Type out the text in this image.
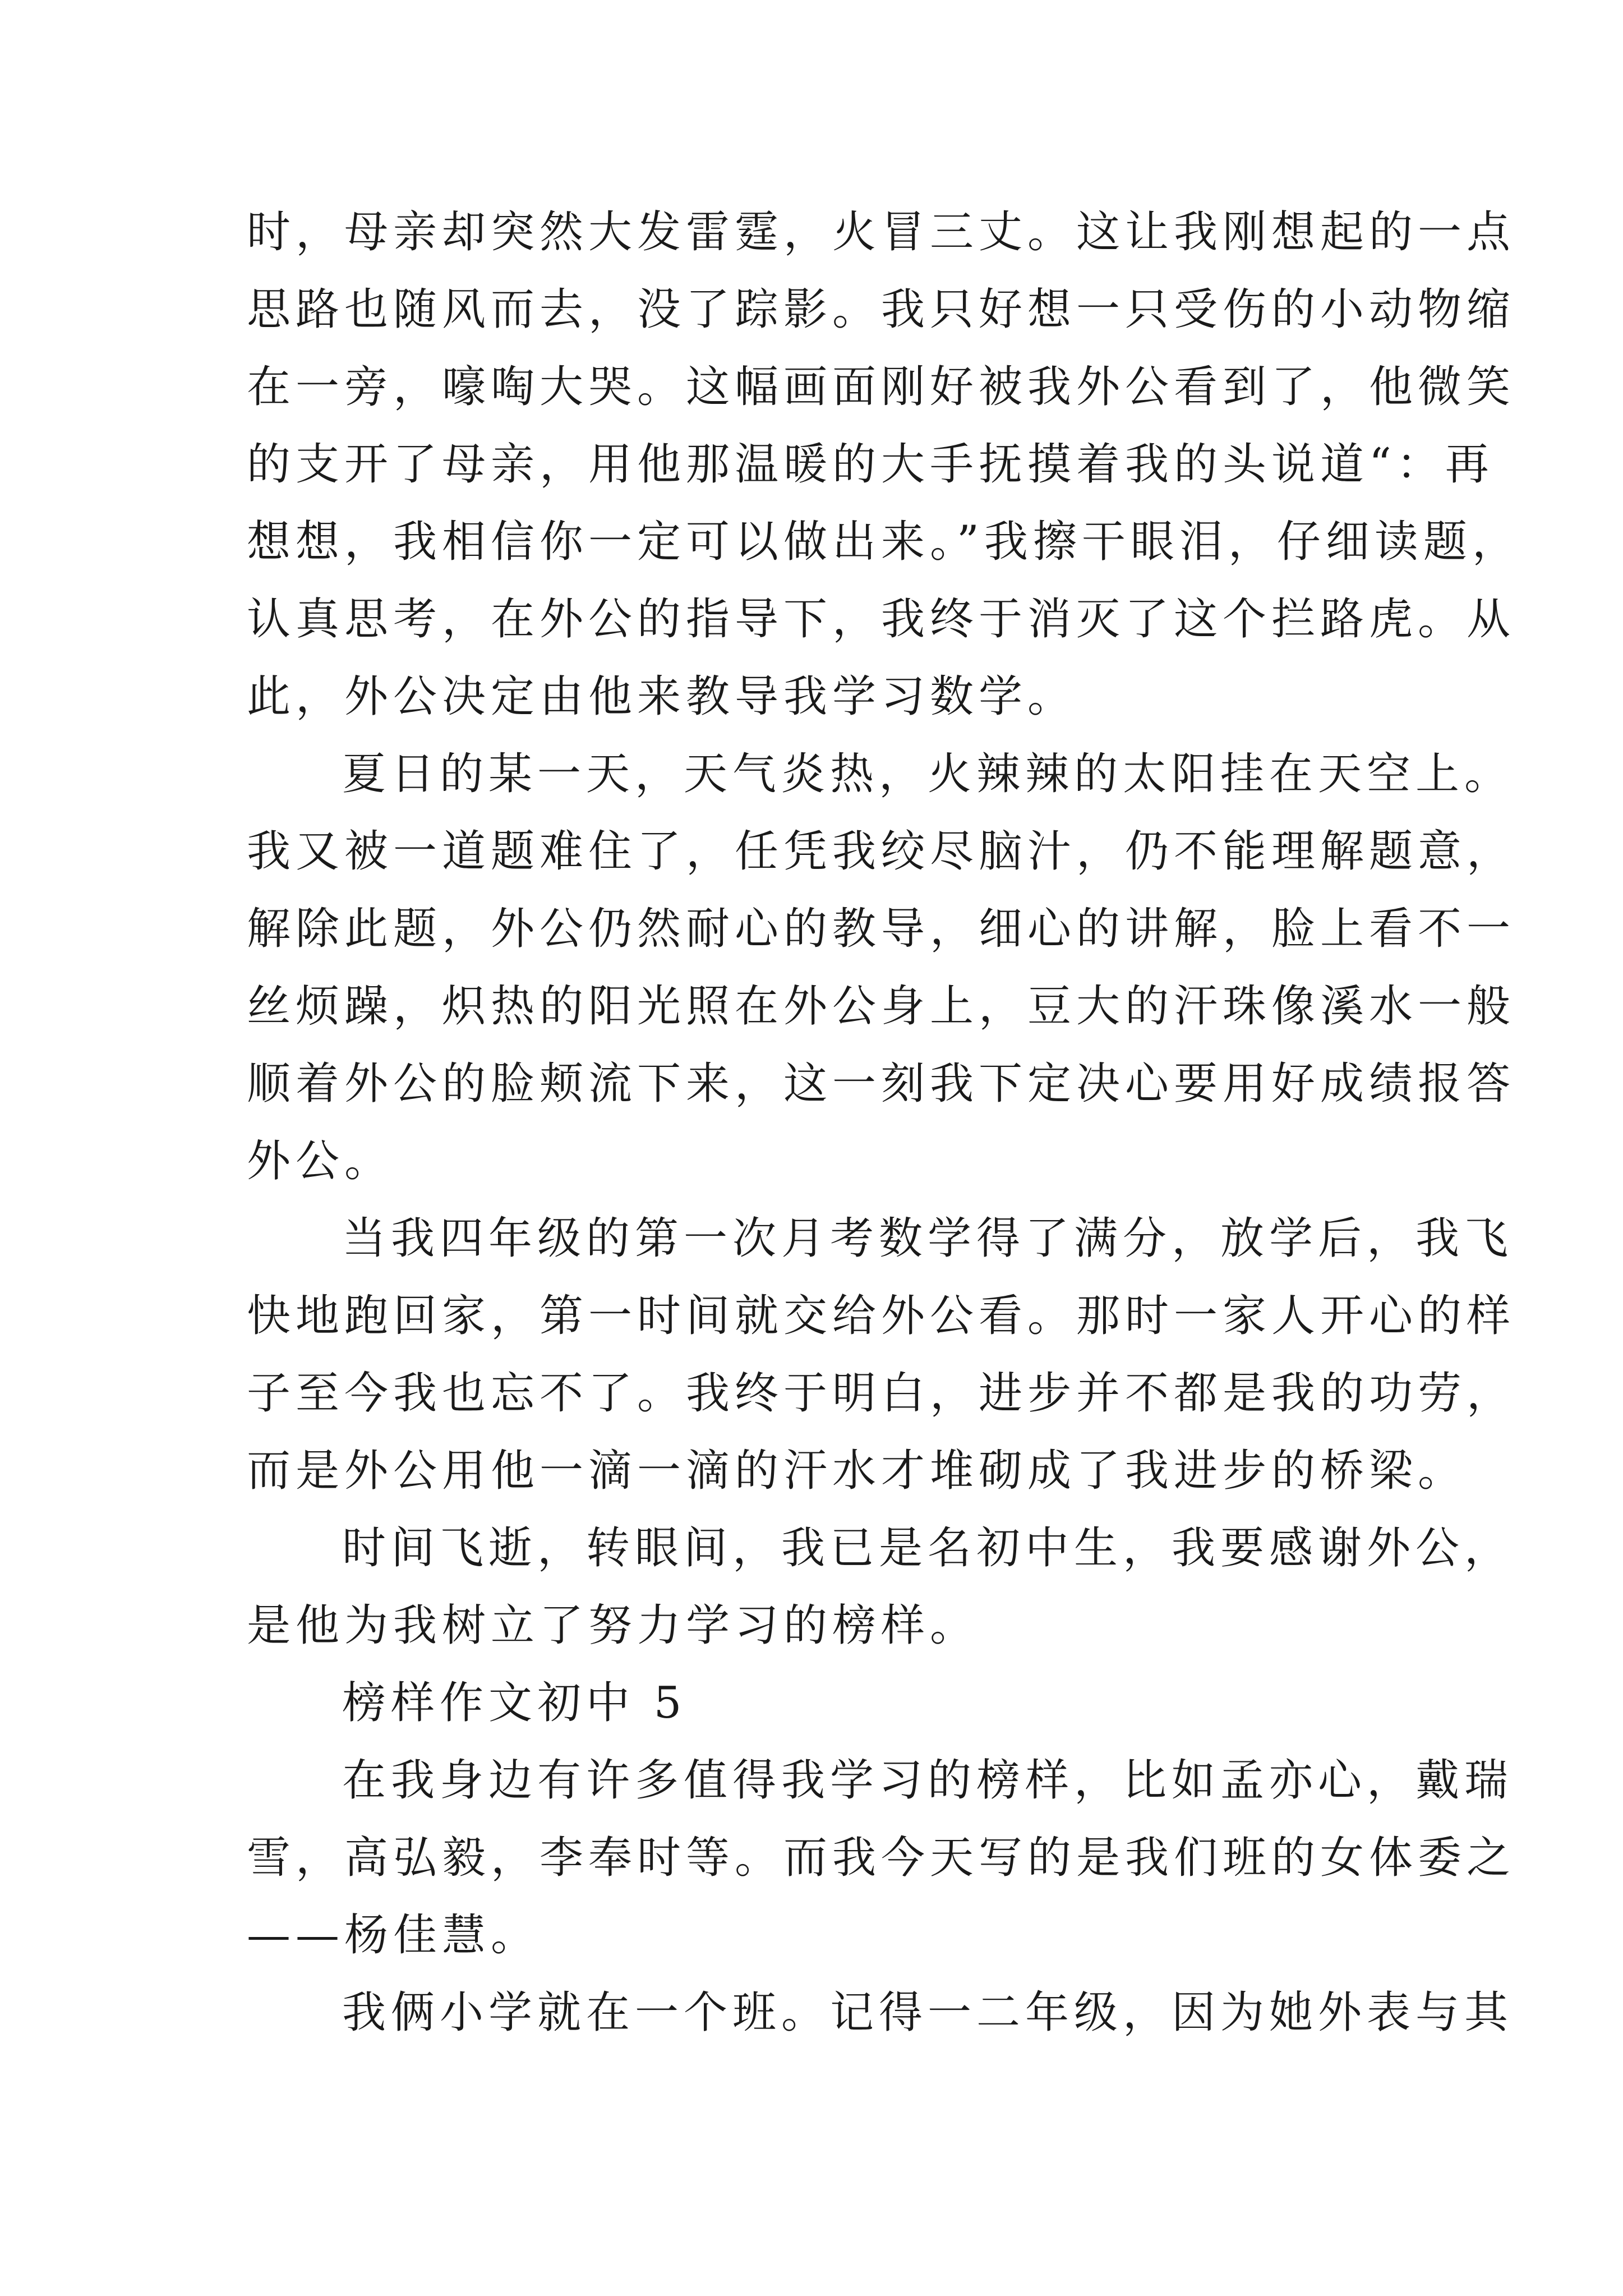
时，母亲却突然大发雷霆，火冒三丈。这让我刚想起的一点
思路也随风而去，没了踪影。我只好想一只受伤的小动物缩
在一旁，嚎啕大哭。这幅画面刚好被我外公看到了，他微笑
的支开了母亲，用他那温暖的大手抚摸着我的头说道“：再
想想，我相信你一定可以做出来。”我擦干眼泪，仔细读题，
认真思考，在外公的指导下，我终于消灭了这个拦路虎。从
此，外公决定由他来教导我学习数学。
夏日的某一天，天气炎热，火辣辣的太阳挂在天空上。
我又被一道题难住了，任凭我绞尽脑汁，仍不能理解题意，
解除此题，外公仍然耐心的教导，细心的讲解，脸上看不一
丝烦躁，炽热的阳光照在外公身上，豆大的汗珠像溪水一般
顺着外公的脸颊流下来，这一刻我下定决心要用好成绩报答
外公。
当我四年级的第一次月考数学得了满分，放学后，我飞
快地跑回家，第一时间就交给外公看。那时一家人开心的样
子至今我也忘不了。我终于明白，进步并不都是我的功劳，
而是外公用他一滴一滴的汗水才堆砌成了我进步的桥梁。
时间飞逝，转眼间，我已是名初中生，我要感谢外公，
是他为我树立了努力学习的榜样。
榜样作文初中 5
在我身边有许多值得我学习的榜样，比如孟亦心，戴瑞
雪，高弘毅，李奉时等。而我今天写的是我们班的女体委之
——杨佳慧。
我俩小学就在一个班。记得一二年级，因为她外表与其
